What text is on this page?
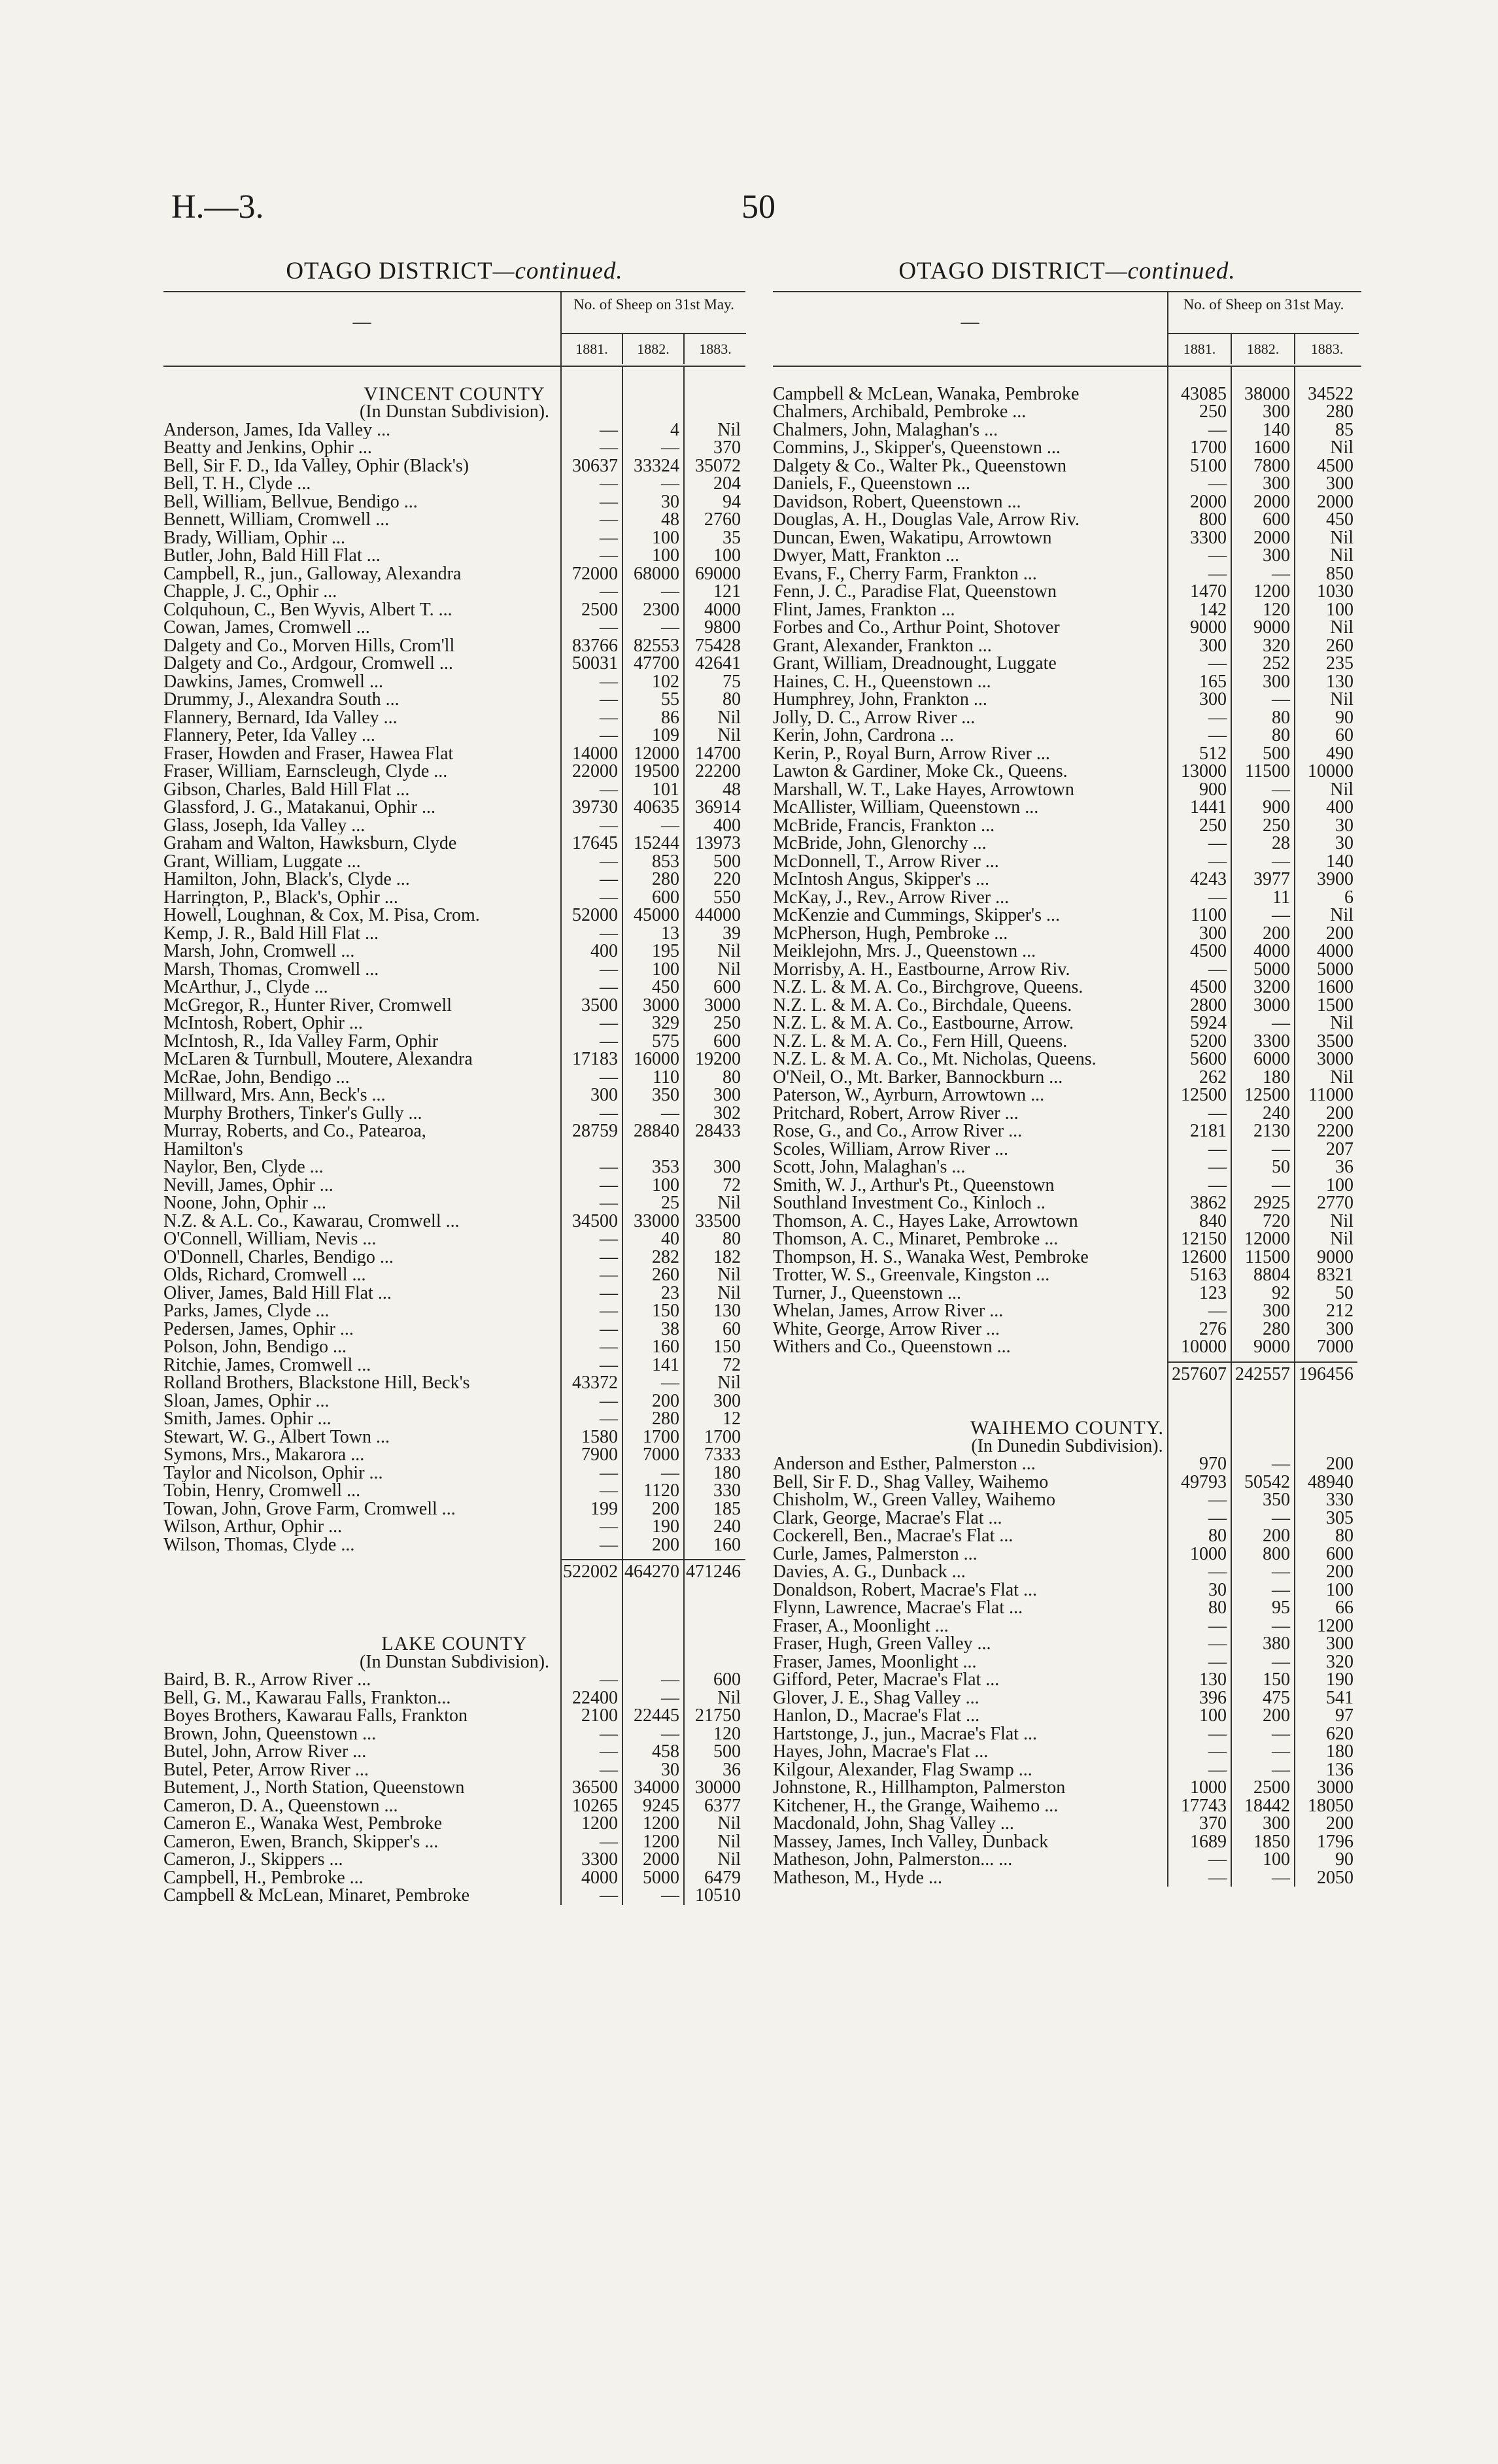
H.—3.	50
OTAGO DISTRICT—continued.
—
No. of Sheep on 31st May.
1881.	1882.	1883.
VINCENT COUNTY
(In Dunstan Subdivision).
Anderson, James, Ida Valley ...	—	4	Nil
Beatty and Jenkins, Ophir ...	—	—	370
Bell, Sir F. D., Ida Valley, Ophir (Black's)	30637 33324 35072
Bell, T. H., Clyde ...	—	—	204
Bell, William, Bellvue, Bendigo ...	—	30	94
Bennett, William, Cromwell ...	—	48	2760
Brady, William, Ophir ...	—	100	35
Butler, John, Bald Hill Flat ...	—	100	100
Campbell, R., jun., Galloway, Alexandra	72000 68000 69000
Chapple, J. C., Ophir ...	—	—	121
Colquhoun, C., Ben Wyvis, Albert T. ...	2500	2300	4000
Cowan, James, Cromwell ...	—	—	9800
Dalgety and Co., Morven Hills, Crom'll	83766 82553 75428
Dalgety and Co., Ardgour, Cromwell ...	50031 47700 42641
Dawkins, James, Cromwell ...	—	102	75
Drummy, J., Alexandra South ...	—	55	80
Flannery, Bernard, Ida Valley ...	—	86	Nil
Flannery, Peter, Ida Valley ...	—	109	Nil
Fraser, Howden and Fraser, Hawea Flat	14000 12000 14700
Fraser, William, Earnscleugh, Clyde ...	22000 19500 22200
Gibson, Charles, Bald Hill Flat ...	—	101	48
Glassford, J. G., Matakanui, Ophir ...	39730 40635 36914
Glass, Joseph, Ida Valley ...	—	—	400
Graham and Walton, Hawksburn, Clyde	17645 15244 13973
Grant, William, Luggate ...	—	853	500
Hamilton, John, Black's, Clyde ...	—	280	220
Harrington, P., Black's, Ophir ...	—	600	550
Howell, Loughnan, & Cox, M. Pisa, Crom.	52000 45000 44000
Kemp, J. R., Bald Hill Flat ...	—	13	39
Marsh, John, Cromwell ...	400	195	Nil
Marsh, Thomas, Cromwell ...	—	100	Nil
McArthur, J., Clyde ...	—	450	600
McGregor, R., Hunter River, Cromwell	3500	3000	3000
McIntosh, Robert, Ophir ...	—	329	250
McIntosh, R., Ida Valley Farm, Ophir	—	575	600
McLaren & Turnbull, Moutere, Alexandra	17183 16000 19200
McRae, John, Bendigo ...	—	110	80
Millward, Mrs. Ann, Beck's ...	300	350	300
Murphy Brothers, Tinker's Gully ...	—	—	302
Murray, Roberts, and Co., Patearoa,	28759 28840 28433
Hamilton's
Naylor, Ben, Clyde ...	—	353	300
Nevill, James, Ophir ...	—	100	72
Noone, John, Ophir ...	—	25	Nil
N.Z. & A.L. Co., Kawarau, Cromwell ...	34500 33000 33500
O'Connell, William, Nevis ...	—	40	80
O'Donnell, Charles, Bendigo ...	—	282	182
Olds, Richard, Cromwell ...	—	260	Nil
Oliver, James, Bald Hill Flat ...	—	23	Nil
Parks, James, Clyde ...	—	150	130
Pedersen, James, Ophir ...	—	38	60
Polson, John, Bendigo ...	—	160	150
Ritchie, James, Cromwell ...	—	141	72
Rolland Brothers, Blackstone Hill, Beck's	43372	—	Nil
Sloan, James, Ophir ...	—	200	300
Smith, James. Ophir ...	—	280	12
Stewart, W. G., Albert Town ...	1580	1700	1700
Symons, Mrs., Makarora ...	7900	7000	7333
Taylor and Nicolson, Ophir ...	—	—	180
Tobin, Henry, Cromwell ...	—	1120	330
Towan, John, Grove Farm, Cromwell ...	199	200	185
Wilson, Arthur, Ophir ...	—	190	240
Wilson, Thomas, Clyde ...	—	200	160
522002 464270 471246
LAKE COUNTY
(In Dunstan Subdivision).
Baird, B. R., Arrow River ...	—	—	600
Bell, G. M., Kawarau Falls, Frankton...	22400	—	Nil
Boyes Brothers, Kawarau Falls, Frankton	2100 22445 21750
Brown, John, Queenstown ...	—	—	120
Butel, John, Arrow River ...	—	458	500
Butel, Peter, Arrow River ...	—	30	36
Butement, J., North Station, Queenstown	36500 34000 30000
Cameron, D. A., Queenstown ...	10265	9245	6377
Cameron E., Wanaka West, Pembroke	1200	1200	Nil
Cameron, Ewen, Branch, Skipper's ...	—	1200	Nil
Cameron, J., Skippers ...	3300	2000	Nil
Campbell, H., Pembroke ...	4000	5000	6479
Campbell & McLean, Minaret, Pembroke	—	— 10510
OTAGO DISTRICT—continued.
—
No. of Sheep on 31st May.
1881.	1882.	1883.
Campbell & McLean, Wanaka, Pembroke	43085 38000 34522
Chalmers, Archibald, Pembroke ...	250	300	280
Chalmers, John, Malaghan's ...	—	140	85
Commins, J., Skipper's, Queenstown ...	1700	1600	Nil
Dalgety & Co., Walter Pk., Queenstown	5100	7800	4500
Daniels, F., Queenstown ...	—	300	300
Davidson, Robert, Queenstown ...	2000	2000	2000
Douglas, A. H., Douglas Vale, Arrow Riv.	800	600	450
Duncan, Ewen, Wakatipu, Arrowtown	3300	2000	Nil
Dwyer, Matt, Frankton ...	—	300	Nil
Evans, F., Cherry Farm, Frankton ...	—	—	850
Fenn, J. C., Paradise Flat, Queenstown	1470	1200	1030
Flint, James, Frankton ...	142	120	100
Forbes and Co., Arthur Point, Shotover	9000	9000	Nil
Grant, Alexander, Frankton ...	300	320	260
Grant, William, Dreadnought, Luggate	—	252	235
Haines, C. H., Queenstown ...	165	300	130
Humphrey, John, Frankton ...	300	—	Nil
Jolly, D. C., Arrow River ...	—	80	90
Kerin, John, Cardrona ...	—	80	60
Kerin, P., Royal Burn, Arrow River ...	512	500	490
Lawton & Gardiner, Moke Ck., Queens.	13000	11500 10000
Marshall, W. T., Lake Hayes, Arrowtown	900	—	Nil
McAllister, William, Queenstown ...	1441	900	400
McBride, Francis, Frankton ...	250	250	30
McBride, John, Glenorchy ...	—	28	30
McDonnell, T., Arrow River ...	—	—	140
McIntosh Angus, Skipper's ...	4243	3977	3900
McKay, J., Rev., Arrow River ...	—	11	6
McKenzie and Cummings, Skipper's ...	1100	—	Nil
McPherson, Hugh, Pembroke ...	300	200	200
Meiklejohn, Mrs. J., Queenstown ...	4500	4000	4000
Morrisby, A. H., Eastbourne, Arrow Riv.	—	5000	5000
N.Z. L. & M. A. Co., Birchgrove, Queens.	4500	3200	1600
N.Z. L. & M. A. Co., Birchdale, Queens.	2800	3000	1500
N.Z. L. & M. A. Co., Eastbourne, Arrow.	5924	—	Nil
N.Z. L. & M. A. Co., Fern Hill, Queens.	5200	3300	3500
N.Z. L. & M. A. Co., Mt. Nicholas, Queens.	5600	6000	3000
O'Neil, O., Mt. Barker, Bannockburn ...	262	180	Nil
Paterson, W., Ayrburn, Arrowtown ...	12500 12500	11000
Pritchard, Robert, Arrow River ...	—	240	200
Rose, G., and Co., Arrow River ...	2181	2130	2200
Scoles, William, Arrow River ...	—	—	207
Scott, John, Malaghan's ...	—	50	36
Smith, W. J., Arthur's Pt., Queenstown	—	—	100
Southland Investment Co., Kinloch ..	3862	2925	2770
Thomson, A. C., Hayes Lake, Arrowtown	840	720	Nil
Thomson, A. C., Minaret, Pembroke ...	12150 12000	Nil
Thompson, H. S., Wanaka West, Pembroke	12600	11500	9000
Trotter, W. S., Greenvale, Kingston ...	5163	8804	8321
Turner, J., Queenstown ...	123	92	50
Whelan, James, Arrow River ...	—	300	212
White, George, Arrow River ...	276	280	300
Withers and Co., Queenstown ...	10000	9000	7000
257607 242557 196456
WAIHEMO COUNTY.
(In Dunedin Subdivision).
Anderson and Esther, Palmerston ...	970	—	200
Bell, Sir F. D., Shag Valley, Waihemo	49793 50542 48940
Chisholm, W., Green Valley, Waihemo	—	350	330
Clark, George, Macrae's Flat ...	—	—	305
Cockerell, Ben., Macrae's Flat ...	80	200	80
Curle, James, Palmerston ...	1000	800	600
Davies, A. G., Dunback ...	—	—	200
Donaldson, Robert, Macrae's Flat ...	30	—	100
Flynn, Lawrence, Macrae's Flat ...	80	95	66
Fraser, A., Moonlight ...	—	—	1200
Fraser, Hugh, Green Valley ...	—	380	300
Fraser, James, Moonlight ...	—	—	320
Gifford, Peter, Macrae's Flat ...	130	150	190
Glover, J. E., Shag Valley ...	396	475	541
Hanlon, D., Macrae's Flat ...	100	200	97
Hartstonge, J., jun., Macrae's Flat ...	—	—	620
Hayes, John, Macrae's Flat ...	—	—	180
Kilgour, Alexander, Flag Swamp ...	—	—	136
Johnstone, R., Hillhampton, Palmerston	1000	2500	3000
Kitchener, H., the Grange, Waihemo ...	17743 18442 18050
Macdonald, John, Shag Valley ...	370	300	200
Massey, James, Inch Valley, Dunback	1689	1850	1796
Matheson, John, Palmerston... ...	—	100	90
Matheson, M., Hyde ...	—	—	2050
